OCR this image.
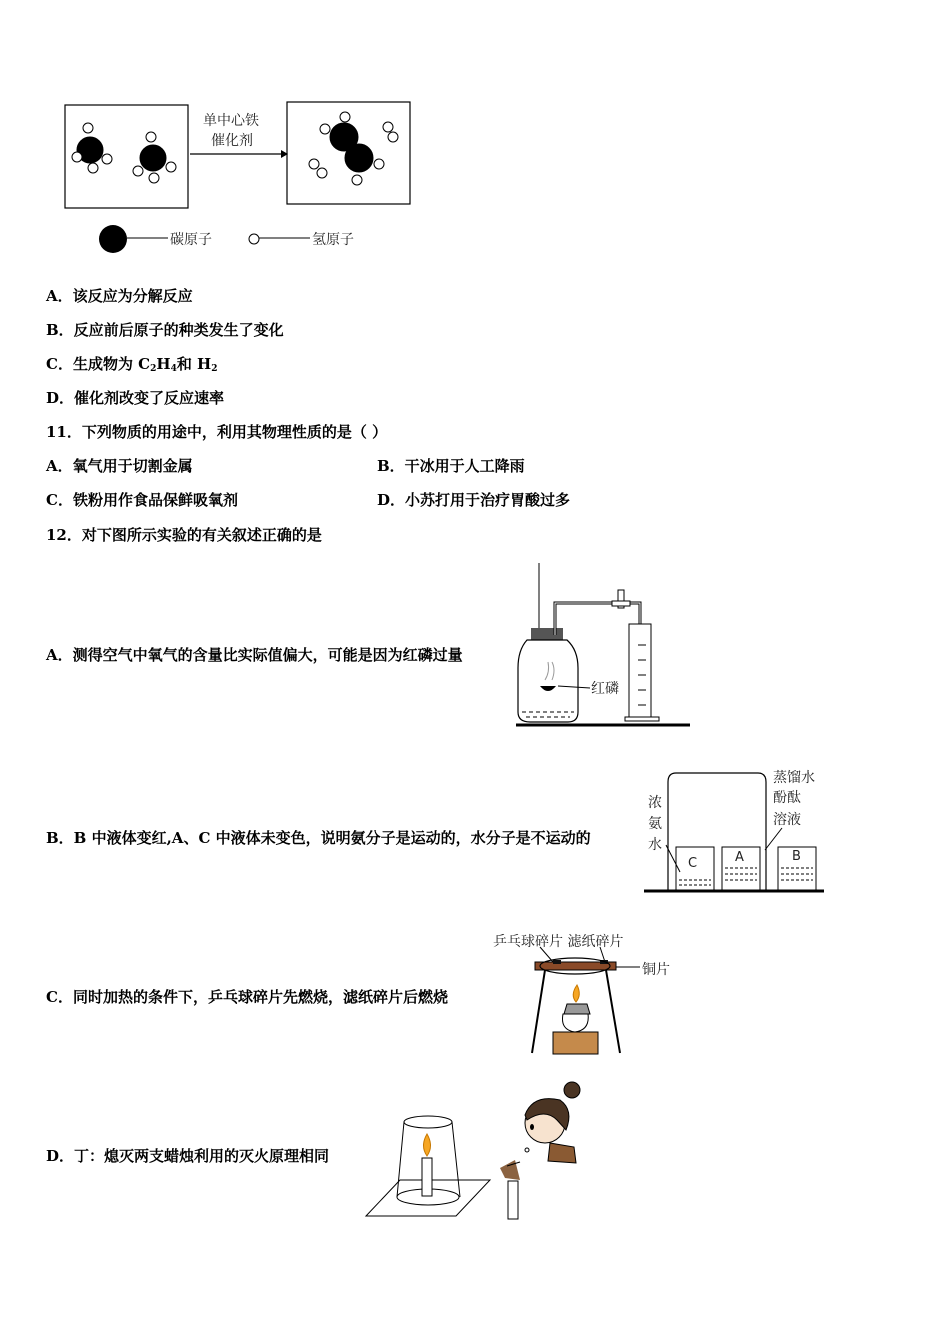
单中心铁
催化剂
碳原子	氢原子
A．该反应为分解反应
B．反应前后原子的种类发生了变化
C．生成物为 $C_2H_4$和 $H_2$
D．催化剂改变了反应速率
11．下列物质的用途中，利用其物理性质的是（ ）
A．氧气用于切割金属	B．干冰用于人工降雨
C．铁粉用作食品保鲜吸氧剂	D．小苏打用于治疗胃酸过多
12．对下图所示实验的有关叙述正确的是
A．测得空气中氧气的含量比实际值偏大，可能是因为红磷过量
红磷
B．B 中液体变红,A、C 中液体未变色，说明氨分子是运动的，水分子是不运动的
浓
氨
水
蒸馏水
酚酞
溶液
C	A	B
C．同时加热的条件下，乒乓球碎片先燃烧，滤纸碎片后燃烧
乒乓球碎片 滤纸碎片
铜片
D．丁：熄灭两支蜡烛利用的灭火原理相同
